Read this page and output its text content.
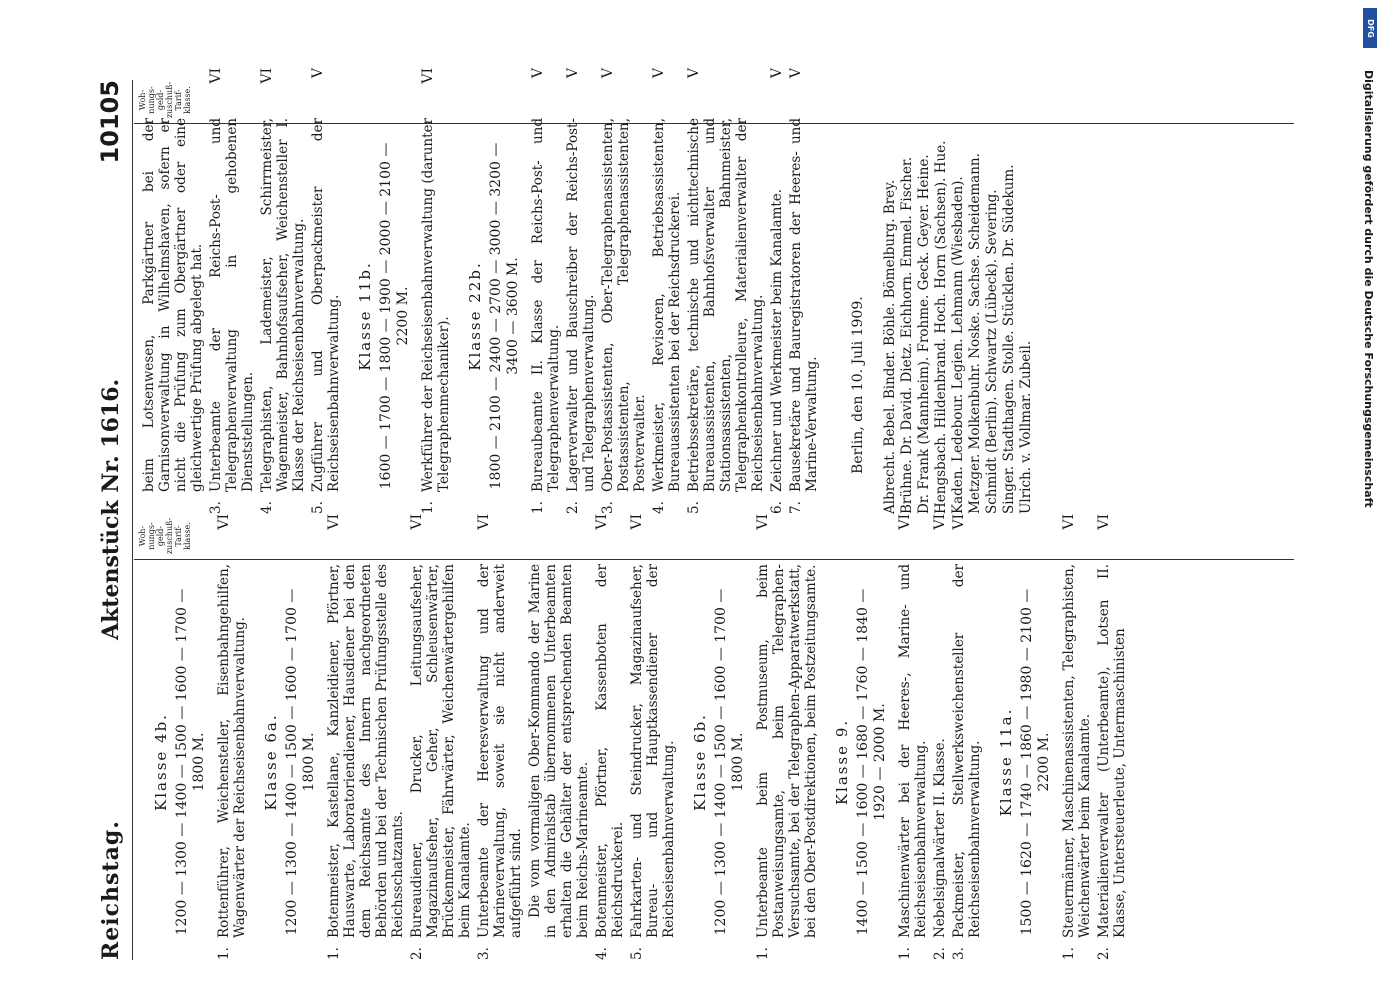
Reichstag.
Aktenstück Nr. 1616.
10105
Woh-
nungs-
geld-
zuschuß-
Tarif-
klasse.
Woh-
nungs-
geld-
zuschuß-
Tarif-
klasse.
Klasse 4b.
1200 — 1300 — 1400 — 1500 — 1600 — 1700 —
1800 M.
1.
Rottenführer, Weichensteller, Eisenbahngehilfen, Wagenwärter der Reichseisenbahnverwaltung.
VI
Klasse 6a.
1200 — 1300 — 1400 — 1500 — 1600 — 1700 —
1800 M.
1.
Botenmeister, Kastellane, Kanzleidiener, Pförtner, Hauswarte, Laboratoriendiener, Hausdiener bei den dem Reichsamte des Innern nachgeordneten Behörden und bei der Technischen Prüfungsstelle des Reichsschatzamts.
VI
2.
Bureaudiener, Drucker, Leitungsaufseher, Magazinaufseher, Geher, Schleusenwärter, Brückenmeister, Fährwärter, Weichenwärtergehilfen beim Kanalamte.
VI
3.
Unterbeamte der Heeresverwaltung und der Marineverwaltung, soweit sie nicht anderweit aufgeführt sind.
VI
Die vom vormaligen Ober-Kommando der Marine in den Admiralstab übernommenen Unterbeamten erhalten die Gehälter der entsprechenden Beamten beim Reichs-Marineamte.
4.
Botenmeister, Pförtner, Kassenboten der Reichsdruckerei.
VI
5.
Fahrkarten- und Steindrucker, Magazinaufseher, Bureau- und Hauptkassendiener der Reichseisenbahnverwaltung.
VI
Klasse 6b.
1200 — 1300 — 1400 — 1500 — 1600 — 1700 —
1800 M.
1.
Unterbeamte beim Postmuseum, beim Postanweisungsamte, beim Telegraphen-Versuchsamte, bei der Telegraphen-Apparatwerkstatt, bei den Ober-Postdirektionen, beim Postzeitungsamte.
VI
Klasse 9.
1400 — 1500 — 1600 — 1680 — 1760 — 1840 —
1920 — 2000 M.
1.
Maschinenwärter bei der Heeres-, Marine- und Reichseisenbahnverwaltung.
VI
2.
Nebelsignalwärter II. Klasse.
VI
3.
Packmeister, Stellwerksweichensteller der Reichseisenbahnverwaltung.
VI
Klasse 11a.
1500 — 1620 — 1740 — 1860 — 1980 — 2100 —
2200 M.
1.
Steuermänner, Maschinenassistenten, Telegraphisten, Weichenwärter beim Kanalamte.
VI
2.
Materialienverwalter (Unterbeamte), Lotsen II. Klasse, Untersteuerleute, Untermaschinisten
VI
beim Lotsenwesen, Parkgärtner bei der Garnisonverwaltung in Wilhelmshaven, sofern er nicht die Prüfung zum Obergärtner oder eine gleichwertige Prüfung abgelegt hat.
3.
Unterbeamte der Reichs-Post- und Telegraphenverwaltung in gehobenen Dienststellungen.
VI
4.
Telegraphisten, Lademeister, Schirrmeister, Wagenmeister, Bahnhofsaufseher, Weichensteller I. Klasse der Reichseisenbahnverwaltung.
VI
5.
Zugführer und Oberpackmeister der Reichseisenbahnverwaltung.
V
Klasse 11b.
1600 — 1700 — 1800 — 1900 — 2000 — 2100 —
2200 M.
1.
Werkführer der Reichseisenbahnverwaltung (darunter Telegraphenmechaniker).
VI
Klasse 22b.
1800 — 2100 — 2400 — 2700 — 3000 — 3200 —
3400 — 3600 M.
1.
Bureaubeamte II. Klasse der Reichs-Post- und Telegraphenverwaltung.
V
2.
Lagerverwalter und Bauschreiber der Reichs-Post- und Telegraphenverwaltung.
V
3.
Ober-Postassistenten, Ober-Telegraphenassistenten, Postassistenten, Telegraphenassistenten, Postverwalter.
V
4.
Werkmeister, Revisoren, Betriebsassistenten, Bureauassistenten bei der Reichsdruckerei.
V
5.
Betriebssekretäre, technische und nichttechnische Bureauassistenten, Bahnhofsverwalter und Stationsassistenten, Bahnmeister, Telegraphenkontrolleure, Materialienverwalter der Reichseisenbahnverwaltung.
V
6.
Zeichner und Werkmeister beim Kanalamte.
V
7.
Bausekretäre und Bauregistratoren der Heeres- und Marine-Verwaltung.
V
Berlin, den 10. Juli 1909. Albrecht. Bebel. Binder. Böhle. Bömelburg. Brey. Brühne. Dr. David. Dietz. Eichhorn. Emmel. Fischer. Dr. Frank (Mannheim). Frohme. Geck. Geyer. Heine. Hengsbach. Hildenbrand. Hoch. Horn (Sachsen). Hue. Kaden. Ledebour. Legien. Lehmann (Wiesbaden). Metzger. Molkenbuhr. Noske. Sachse. Scheidemann. Schmidt (Berlin). Schwartz (Lübeck). Severing. Singer. Stadthagen. Stolle. Stücklen. Dr. Südekum. Ulrich. v. Vollmar. Zubeil.
DFG
Digitalisierung gefördert durch die Deutsche Forschungsgemeinschaft
